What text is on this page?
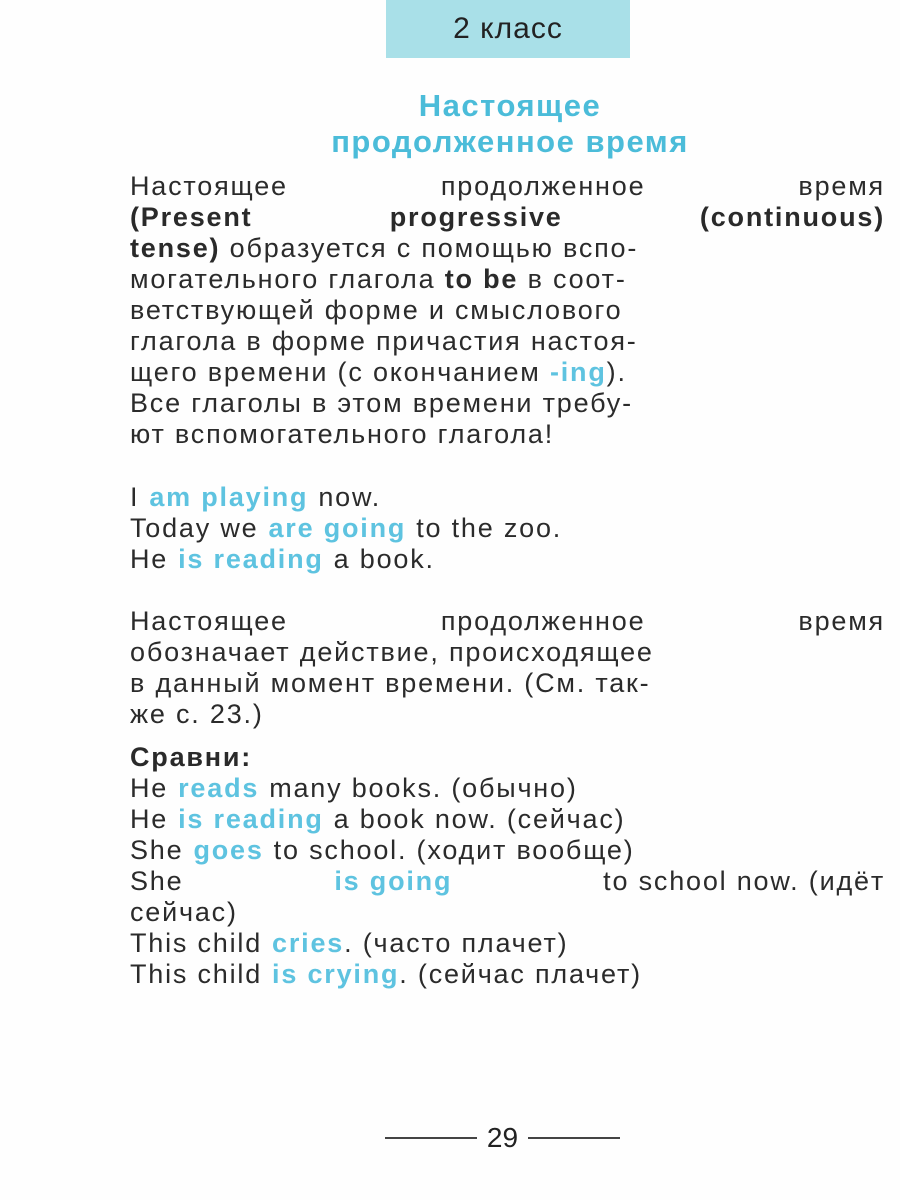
2 класс
Настоящее
продолженное время
Настоящее	продолженное	время
(Present	progressive	(continuous)
tense) образуется с помощью вспо-
могательного глагола to be в соот-
ветствующей форме и смыслового
глагола в форме причастия настоя-
щего времени (с окончанием -ing).
Все глаголы в этом времени требу-
ют вспомогательного глагола!
I am playing now.
Today we are going to the zoo.
He is reading a book.
Настоящее	продолженное	время
обозначает действие, происходящее
в данный момент времени. (См. так-
же с. 23.)
Сравни:
He reads many books. (обычно)
He is reading a book now. (сейчас)
She goes to school. (ходит вообще)
She	is going	to school now. (идёт
сейчас)
This child cries. (часто плачет)
This child is crying. (сейчас плачет)
29
